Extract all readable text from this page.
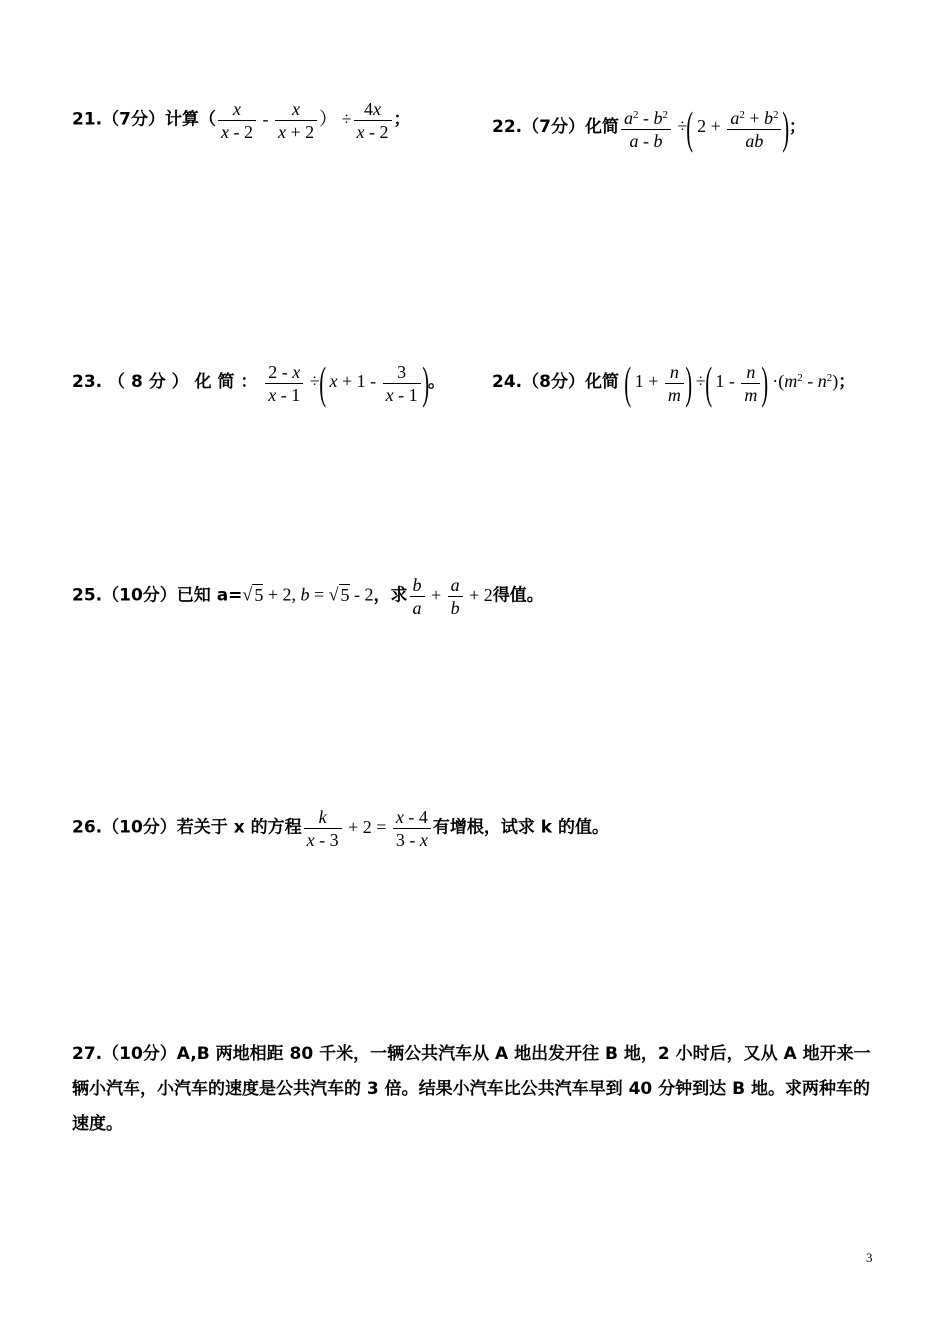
21.（7分）计算（ $\frac{x}{x - 2} - \frac{x}{x + 2}$ ） ÷ $\frac{4x}{x - 2}$ ；	22.（7分）化简 $\frac{a^2 - b^2}{a - b}$ ÷( $2 + \frac{a^2 + b^2}{ab}$ )；
23. （ 8 分 ） 化 简 ： $\frac{2 - x}{x - 1}$ ÷( $x + 1 - \frac{3}{x - 1}$ )。	24.（8分）化简 ( $1 + \frac{n}{m}$ ) ÷( $1 - \frac{n}{m}$ ) $\cdot(m^2 - n^2)$；
25.（10分）已知 a=√ 5 + 2, b = √ 5 - 2，求 $\frac{b}{a} + \frac{a}{b} + 2$得值。
26.（10分）若关于 x 的方程 $\frac{k}{x - 3} + 2 = \frac{x - 4}{3 - x}$ 有增根，试求 k 的值。
27.（10分）A,B 两地相距 80 千米，一辆公共汽车从 A 地出发开往 B 地，2 小时后，又从 A 地开来一辆小汽车，小汽车的速度是公共汽车的 3 倍。结果小汽车比公共汽车早到 40 分钟到达 B 地。求两种车的速度。
3
